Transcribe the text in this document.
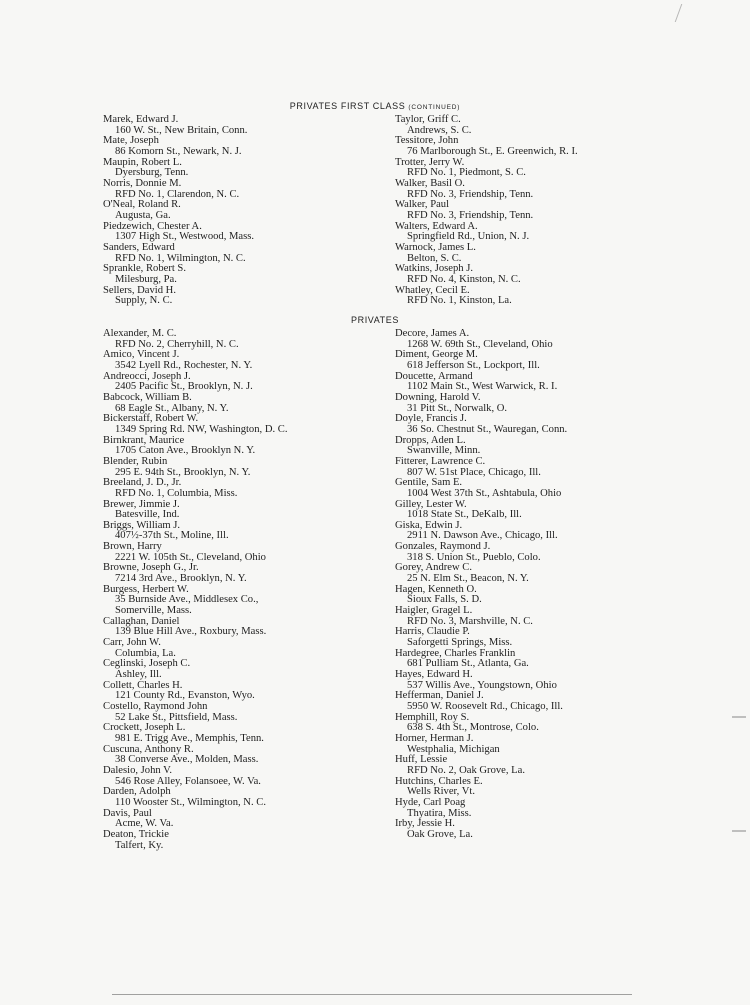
PRIVATES FIRST CLASS (CONTINUED)
Marek, Edward J.
160 W. St., New Britain, Conn.
Mate, Joseph
86 Komorn St., Newark, N. J.
Maupin, Robert L.
Dyersburg, Tenn.
Norris, Donnie M.
RFD No. 1, Clarendon, N. C.
O'Neal, Roland R.
Augusta, Ga.
Piedzewich, Chester A.
1307 High St., Westwood, Mass.
Sanders, Edward
RFD No. 1, Wilmington, N. C.
Sprankle, Robert S.
Milesburg, Pa.
Sellers, David H.
Supply, N. C.
Taylor, Griff C.
Andrews, S. C.
Tessitore, John
76 Marlborough St., E. Greenwich, R. I.
Trotter, Jerry W.
RFD No. 1, Piedmont, S. C.
Walker, Basil O.
RFD No. 3, Friendship, Tenn.
Walker, Paul
RFD No. 3, Friendship, Tenn.
Walters, Edward A.
Springfield Rd., Union, N. J.
Warnock, James L.
Belton, S. C.
Watkins, Joseph J.
RFD No. 4, Kinston, N. C.
Whatley, Cecil E.
RFD No. 1, Kinston, La.
PRIVATES
Alexander, M. C.
RFD No. 2, Cherryhill, N. C.
Amico, Vincent J.
3542 Lyell Rd., Rochester, N. Y.
Andreocci, Joseph J.
2405 Pacific St., Brooklyn, N. J.
Babcock, William B.
68 Eagle St., Albany, N. Y.
Bickerstaff, Robert W.
1349 Spring Rd. NW, Washington, D. C.
Birnkrant, Maurice
1705 Caton Ave., Brooklyn N. Y.
Blender, Rubin
295 E. 94th St., Brooklyn, N. Y.
Breeland, J. D., Jr.
RFD No. 1, Columbia, Miss.
Brewer, Jimmie J.
Batesville, Ind.
Briggs, William J.
407½-37th St., Moline, Ill.
Brown, Harry
2221 W. 105th St., Cleveland, Ohio
Browne, Joseph G., Jr.
7214 3rd Ave., Brooklyn, N. Y.
Burgess, Herbert W.
35 Burnside Ave., Middlesex Co.,
Somerville, Mass.
Callaghan, Daniel
139 Blue Hill Ave., Roxbury, Mass.
Carr, John W.
Columbia, La.
Ceglinski, Joseph C.
Ashley, Ill.
Collett, Charles H.
121 County Rd., Evanston, Wyo.
Costello, Raymond John
52 Lake St., Pittsfield, Mass.
Crockett, Joseph L.
981 E. Trigg Ave., Memphis, Tenn.
Cuscuna, Anthony R.
38 Converse Ave., Molden, Mass.
Dalesio, John V.
546 Rose Alley, Folansoee, W. Va.
Darden, Adolph
110 Wooster St., Wilmington, N. C.
Davis, Paul
Acme, W. Va.
Deaton, Trickie
Talfert, Ky.
Decore, James A.
1268 W. 69th St., Cleveland, Ohio
Diment, George M.
618 Jefferson St., Lockport, Ill.
Doucette, Armand
1102 Main St., West Warwick, R. I.
Downing, Harold V.
31 Pitt St., Norwalk, O.
Doyle, Francis J.
36 So. Chestnut St., Wauregan, Conn.
Dropps, Aden L.
Swanville, Minn.
Fitterer, Lawrence C.
807 W. 51st Place, Chicago, Ill.
Gentile, Sam E.
1004 West 37th St., Ashtabula, Ohio
Gilley, Lester W.
1018 State St., DeKalb, Ill.
Giska, Edwin J.
2911 N. Dawson Ave., Chicago, Ill.
Gonzales, Raymond J.
318 S. Union St., Pueblo, Colo.
Gorey, Andrew C.
25 N. Elm St., Beacon, N. Y.
Hagen, Kenneth O.
Sioux Falls, S. D.
Haigler, Gragel L.
RFD No. 3, Marshville, N. C.
Harris, Claudie P.
Saforgetti Springs, Miss.
Hardegree, Charles Franklin
681 Pulliam St., Atlanta, Ga.
Hayes, Edward H.
537 Willis Ave., Youngstown, Ohio
Hefferman, Daniel J.
5950 W. Roosevelt Rd., Chicago, Ill.
Hemphill, Roy S.
638 S. 4th St., Montrose, Colo.
Horner, Herman J.
Westphalia, Michigan
Huff, Lessie
RFD No. 2, Oak Grove, La.
Hutchins, Charles E.
Wells River, Vt.
Hyde, Carl Poag
Thyatira, Miss.
Irby, Jessie H.
Oak Grove, La.
